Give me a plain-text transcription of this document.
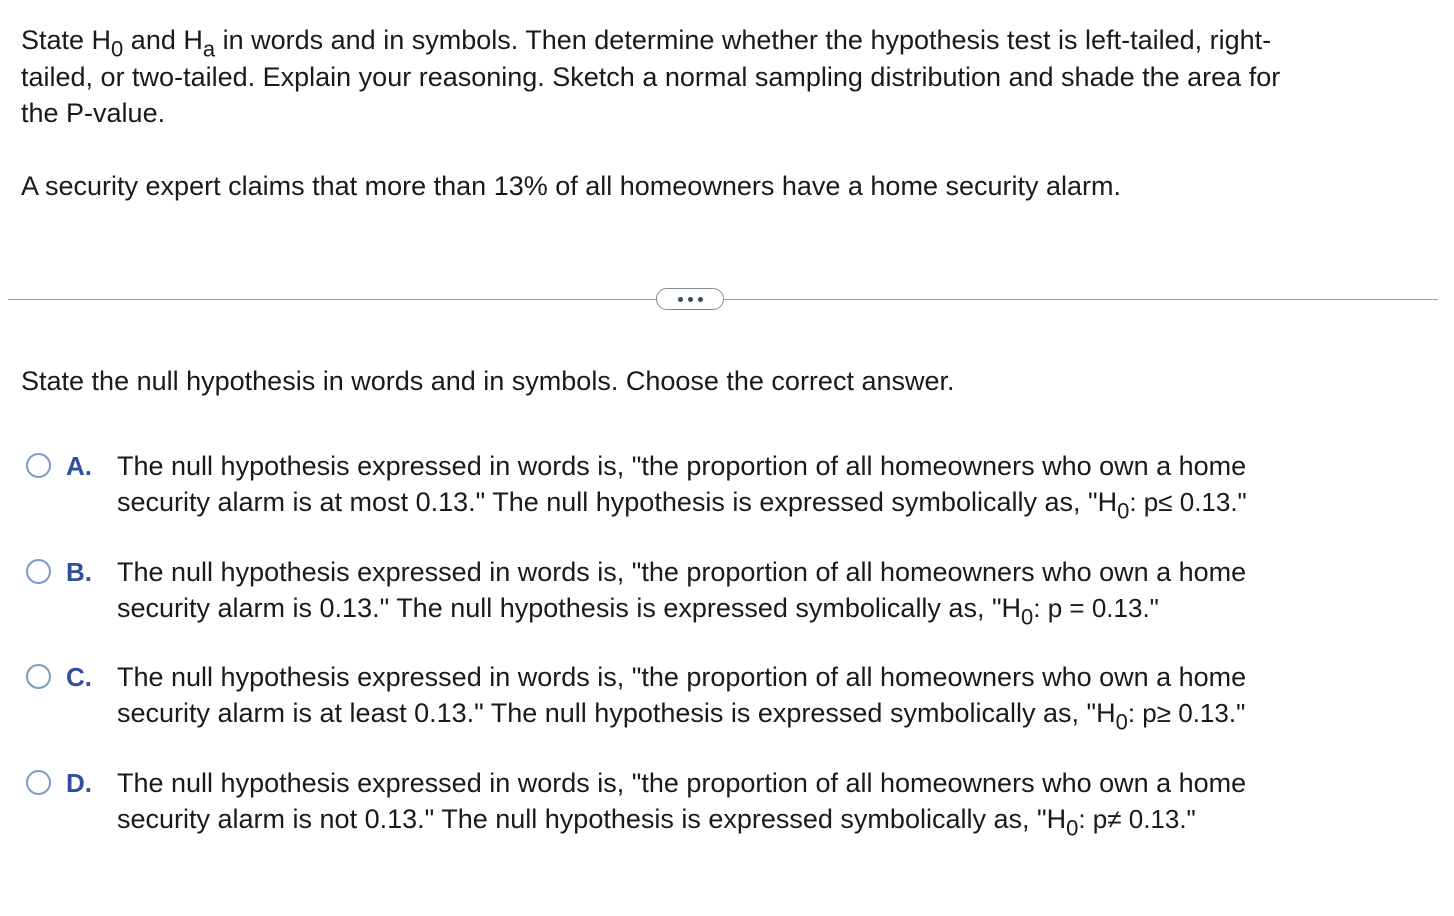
State $H_0$ and $H_a$ in words and in symbols. Then determine whether the hypothesis test is left-tailed, right-
tailed, or two-tailed. Explain your reasoning. Sketch a normal sampling distribution and shade the area for
the P-value.
A security expert claims that more than 13% of all homeowners have a home security alarm.
State the null hypothesis in words and in symbols. Choose the correct answer.
A. The null hypothesis expressed in words is, "the proportion of all homeowners who own a home
security alarm is at most 0.13." The null hypothesis is expressed symbolically as, "$H_0$: p≤ 0.13."
B. The null hypothesis expressed in words is, "the proportion of all homeowners who own a home
security alarm is 0.13." The null hypothesis is expressed symbolically as, "$H_0$: p = 0.13."
C. The null hypothesis expressed in words is, "the proportion of all homeowners who own a home
security alarm is at least 0.13." The null hypothesis is expressed symbolically as, "$H_0$: p≥ 0.13."
D. The null hypothesis expressed in words is, "the proportion of all homeowners who own a home
security alarm is not 0.13." The null hypothesis is expressed symbolically as, "$H_0$: p≠ 0.13."
